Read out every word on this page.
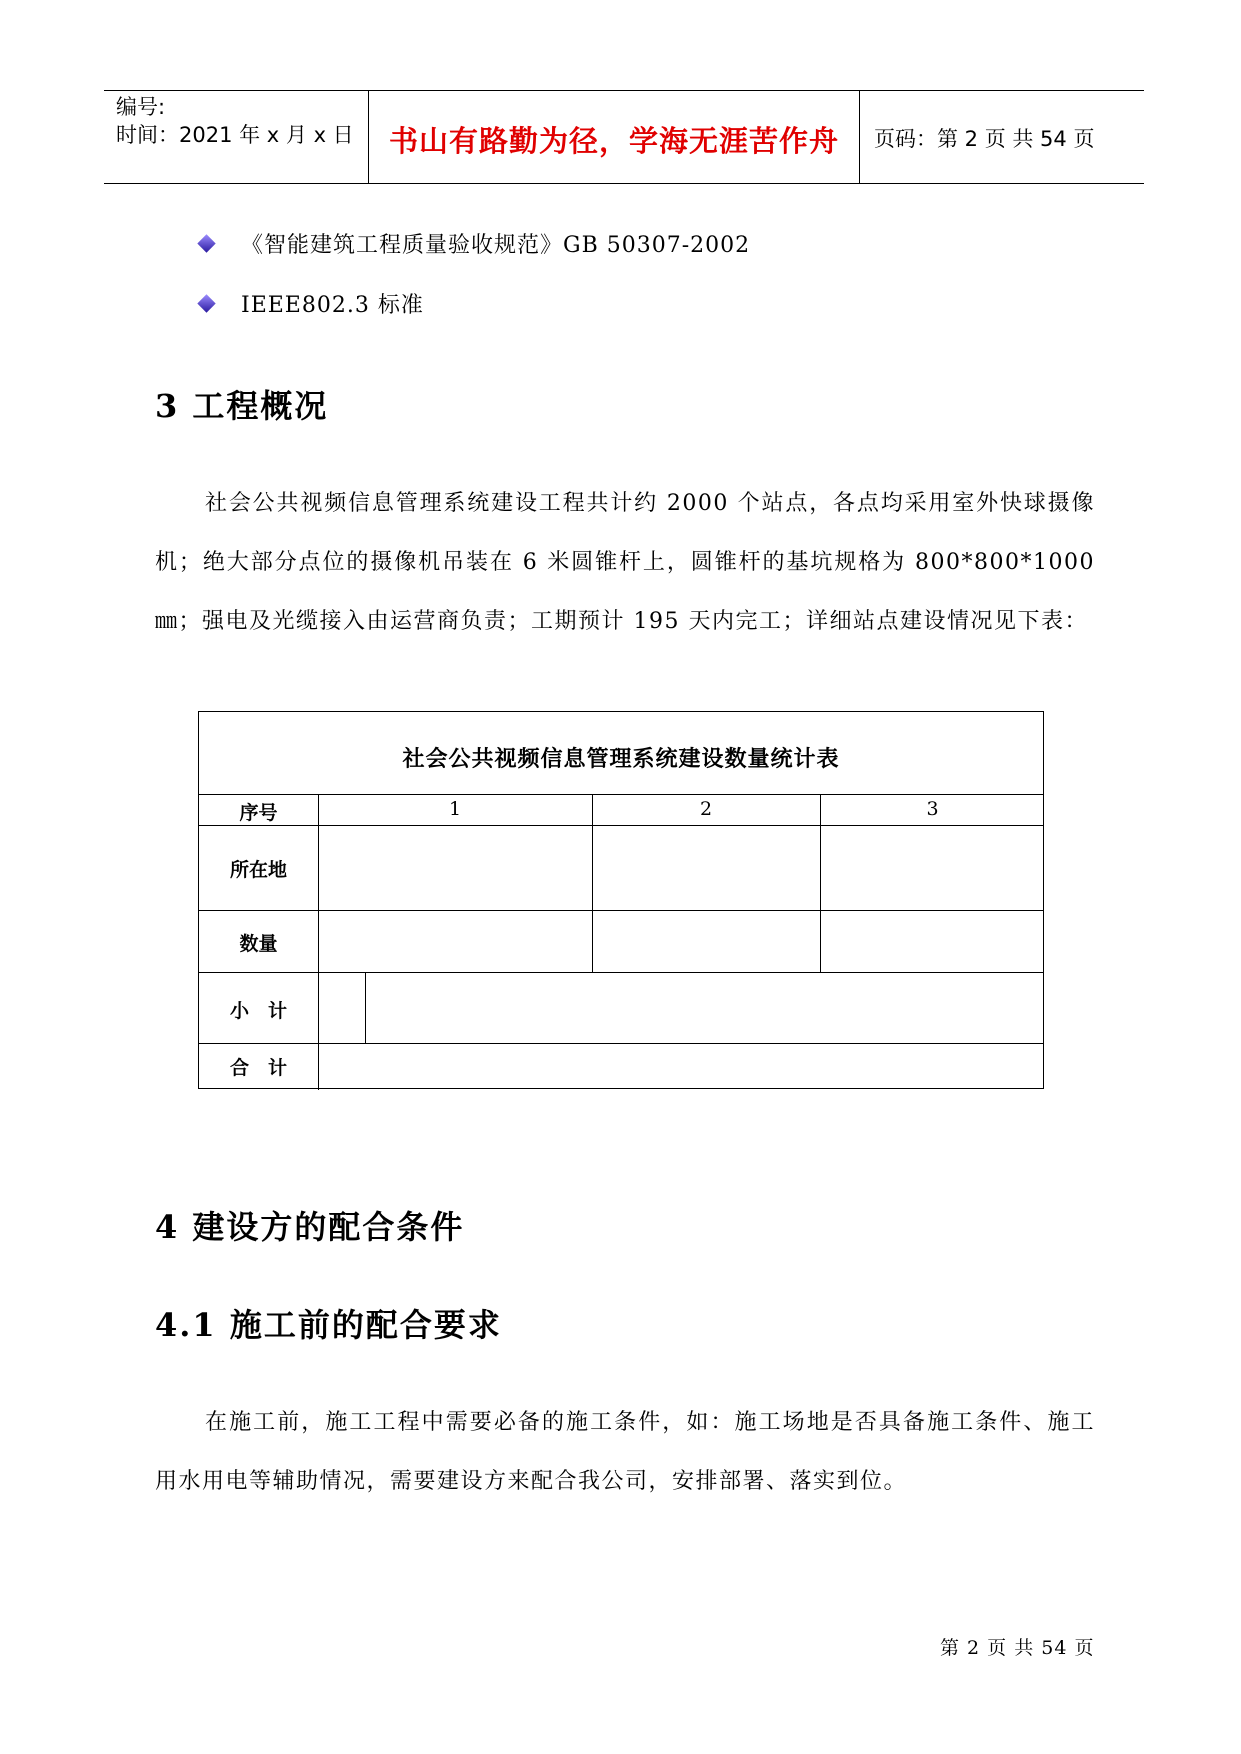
编号:
时间：2021 年 x 月 x 日	书山有路勤为径，学海无涯苦作舟	页码：第 2 页 共 54 页
《智能建筑工程质量验收规范》GB 50307-2002
IEEE802.3 标准
3 工程概况
社会公共视频信息管理系统建设工程共计约 2000 个站点，各点均采用室外快球摄像机；绝大部分点位的摄像机吊装在 6 米圆锥杆上，圆锥杆的基坑规格为 800*800*1000㎜；强电及光缆接入由运营商负责；工期预计 195 天内完工；详细站点建设情况见下表：
社会公共视频信息管理系统建设数量统计表
序号	1	2	3
所在地
数量
小　计
合　计
4 建设方的配合条件
4.1 施工前的配合要求
在施工前，施工工程中需要必备的施工条件，如：施工场地是否具备施工条件、施工用水用电等辅助情况，需要建设方来配合我公司，安排部署、落实到位。
第 2 页 共 54 页
